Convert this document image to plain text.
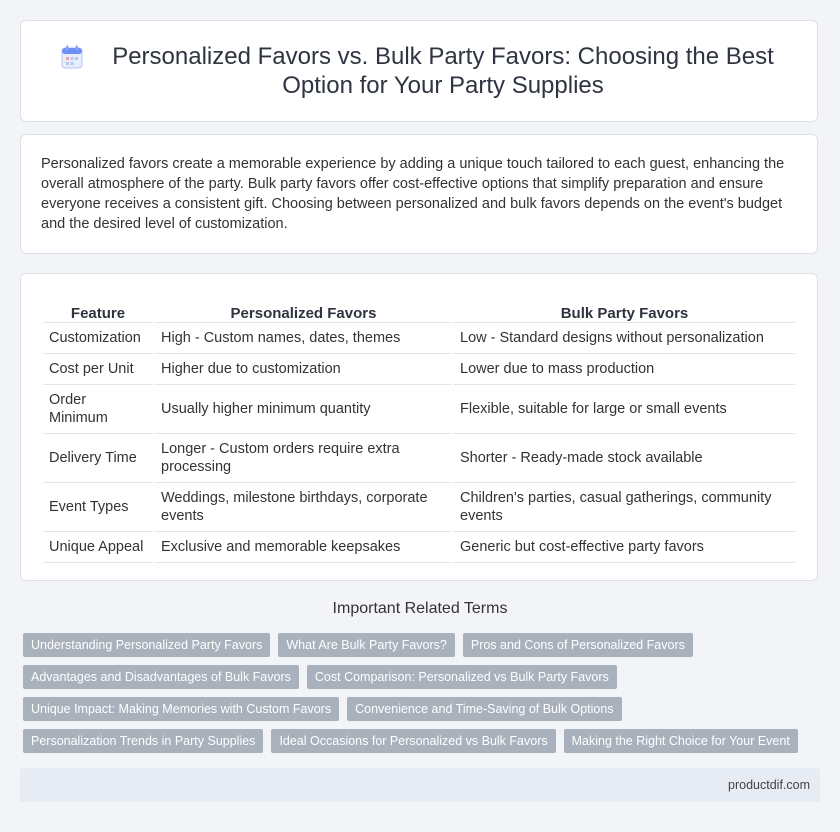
Personalized Favors vs. Bulk Party Favors: Choosing the Best Option for Your Party Supplies

Personalized favors create a memorable experience by adding a unique touch tailored to each guest, enhancing the overall atmosphere of the party. Bulk party favors offer cost-effective options that simplify preparation and ensure everyone receives a consistent gift. Choosing between personalized and bulk favors depends on the event's budget and the desired level of customization.

Feature	Personalized Favors	Bulk Party Favors
Customization	High - Custom names, dates, themes	Low - Standard designs without personalization
Cost per Unit	Higher due to customization	Lower due to mass production
Order Minimum	Usually higher minimum quantity	Flexible, suitable for large or small events
Delivery Time	Longer - Custom orders require extra processing	Shorter - Ready-made stock available
Event Types	Weddings, milestone birthdays, corporate events	Children's parties, casual gatherings, community events
Unique Appeal	Exclusive and memorable keepsakes	Generic but cost-effective party favors
Important Related Terms
Understanding Personalized Party Favors	What Are Bulk Party Favors?	Pros and Cons of Personalized Favors
Advantages and Disadvantages of Bulk Favors	Cost Comparison: Personalized vs Bulk Party Favors
Unique Impact: Making Memories with Custom Favors	Convenience and Time-Saving of Bulk Options
Personalization Trends in Party Supplies	Ideal Occasions for Personalized vs Bulk Favors	Making the Right Choice for Your Event
productdif.com
